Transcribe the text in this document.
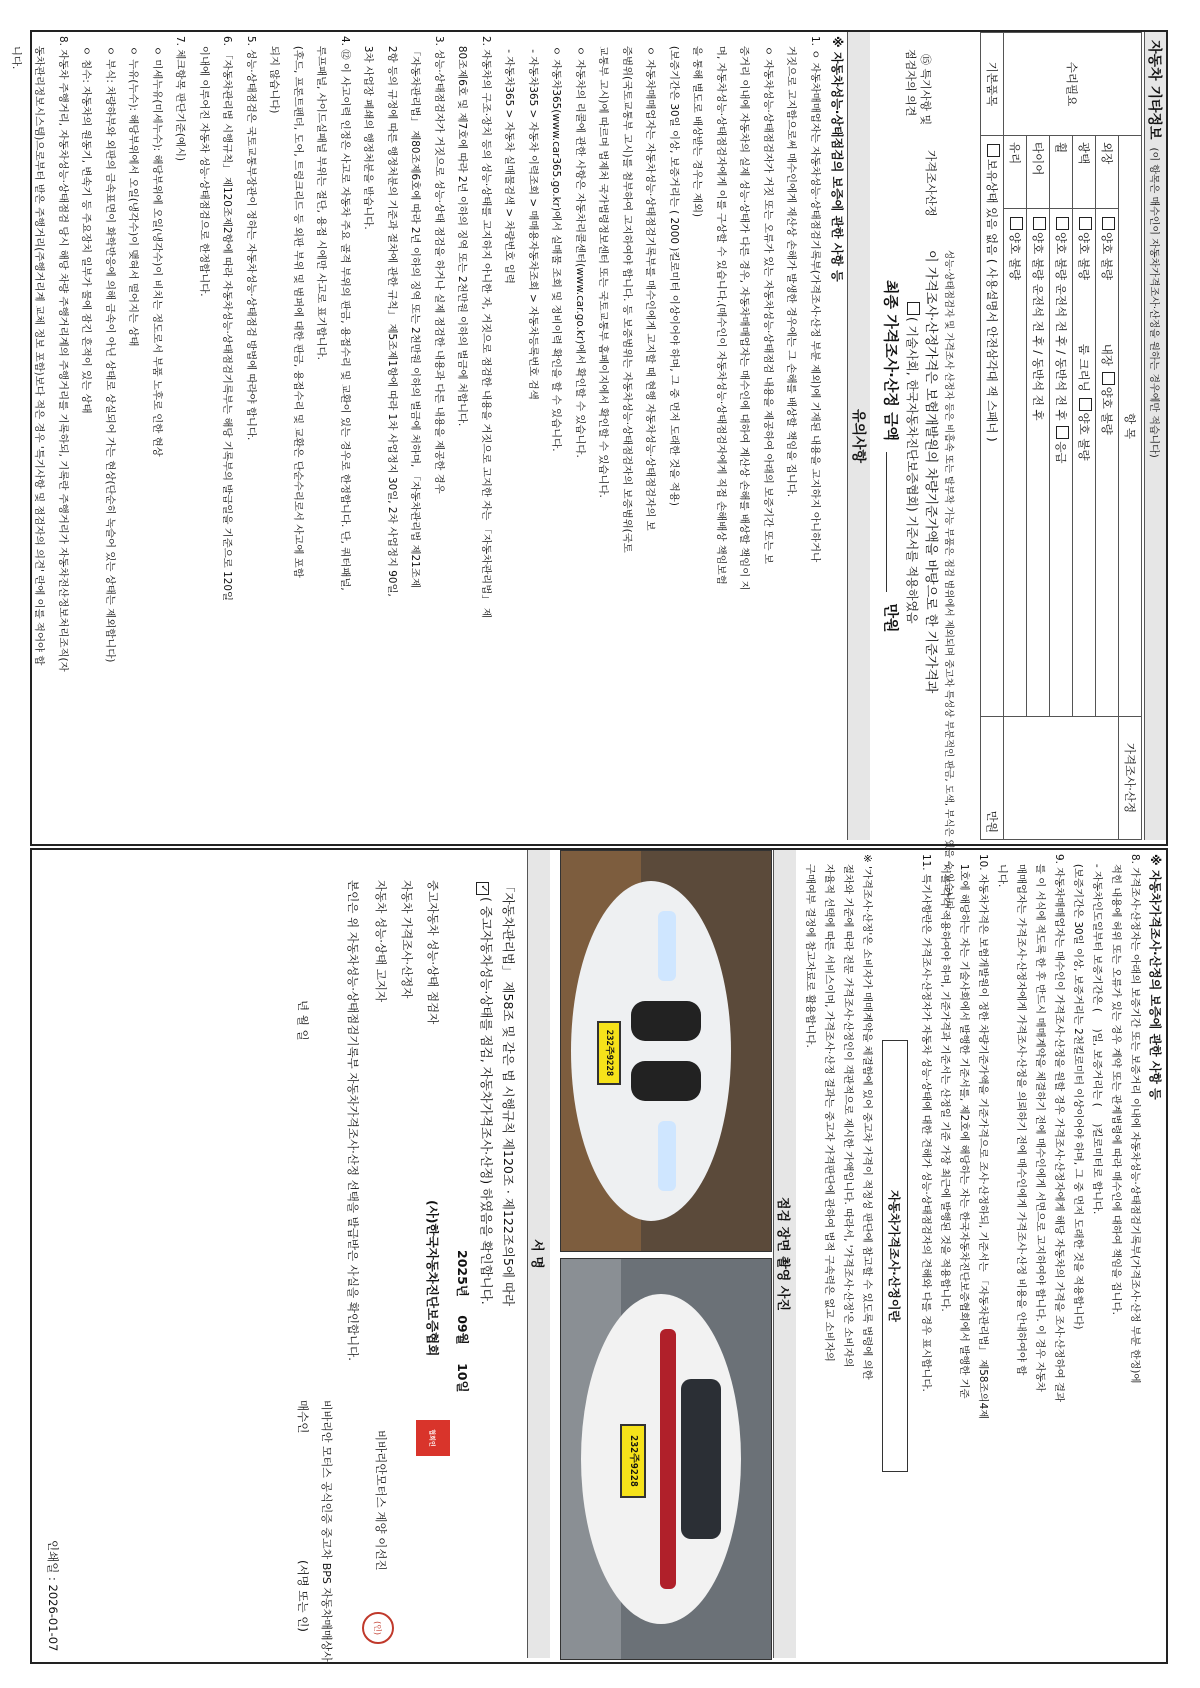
자동차 기타정보
(이 항목은 매수인이 자동차가격조사·산정을 원하는 경우에만 적습니다)
수리필요	항 목		가격조사·산정
	외장	양호 불량 내장 양호 불량	
	광택	양호 불량 룸 크리닝 양호 불량	
	휠	양호 불량 운전석 전 후 / 동반석 전 후 응급	
	타이어	양호 불량 운전석 전 후 / 동반석 전 후	
	유리	양호 불량	
기본품목	보유상태 있음 없음 ( 사용설명서 안전삼각대 잭 스패너 )		만원

⑮ 특기사항 및
점검자의 의견

가격조사산정
성능·상태점검자 및 가격조사 산정자 등은 비흡속 또는 탈부착 가능 부품은 점검 범위에서 제외되며 중고차 특성상 부분적인 판금, 도색, 부식은 있을 수 있습니다.
이 가격조사·산정가격은 보험개발원의 차량기준가액을 바탕으로 한 기준가격과
( 기술사회, 한국자동차진단보증협회) 기준서를 적용하였음
최종 가격조사·산정 금액  만원
유의사항
※ 자동차성능·상태점검의 보증에 관한 사항 등
1. ㅇ 자동차매매업자는 자동차성능·상태점검기록부(가격조사·산정 부분 제외)에 기재된 내용을 고지하지 아니하거나
거짓으로 고지함으로써 매수인에게 재산상 손해가 발생한 경우에는 그 손해를 배상할 책임을 집니다.
ㅇ 자동차성능·상태점검자가 거짓 또는 오류가 있는 자동차성능·상태점검 내용을 제공하여 아래의 보증기간 또는 보
증거리 이내에 자동차의 실제 성능·상태가 다른 경우, 자동차매매업자는 매수인에 대하여 계산상 손해를 배상할 책임이 지
며, 자동차성능·상태점검자에게 이를 구상할 수 있습니다.(매수인이 자동차성능·상태점검자에게 직접 손해배상 책임보험
을 통해 별도로 배상받는 경우는 제외)
(보증기간은 30일 이상, 보증거리는 ( 2000 )킬로미터 이상이어야 하며, 그 중 먼저 도래한 것을 적용)
ㅇ 자동차매매업자는 자동차성능·상태점검기록부를 매수인에게 고지할 때 현행 자동차성능·상태점검자의 보
증범위(국토교통부 고시)를 첨부하여 고지하여야 합니다. 등 보증범위는 자동차성능·상태점검자의 보증범위(국토
교통부 고시)에 따르며 법제처 국가법령정보센터 또는 국토교통부 홈페이지에서 확인할 수 있습니다.
ㅇ 자동차의 리콜에 관한 사항은 자동차리콜센터(www.car.go.kr)에서 확인할 수 있습니다.
ㅇ 자동차365(www.car365.go.kr)에서 실매물 조회 및 정비이력 확인을 할 수 있습니다.
- 자동차365 > 자동차 이력조회 > 매매용자동차조회 > 자동차등록번호 검색
- 자동차365 > 자동차 실매물검색 > 차량번호 입력
2. 자동차의 구조·장치 등의 성능·상태를 고지하지 아니한 자, 거짓으로 점검한 내용을 거짓으로 고지한 자는 「자동차관리법」 제
80조제6호 및 제7호에 따라 2년 이하의 징역 또는 2천만원 이하의 벌금에 처합니다.
3. 성능·상태점검자가 거짓으로 성능·상태 점검을 하거나 실제 점검한 내용과 다른 내용을 제공한 경우
「자동차관리법」 제80조제6호에 따라 2년 이하의 징역 또는 2천만원 이하의 벌금에 처하며, 「자동차관리법 제21조제
2항 등의 규정에 따른 행정처분의 기준과 절차에 관한 규칙」 제5조제1항에 따라 1차 사업정지 30일, 2차 사업정지 90일,
3차 사업장 폐쇄의 행정처분을 받습니다.
4. ⑫ 이 사고이력 인정은 사고로 자동차 주요 골격 부위의 판금, 용접수리 및 교환이 있는 경우로 한정합니다. 단, 쿼터패널,
루프패널, 사이드실패널 부위는 절단, 용접 시에만 사고로 표기합니다.
(후드, 프론트펜더, 도어, 트렁크리드 등 외판 부위 및 범퍼에 대한 판금, 용접수리 및 교환은 단순수리로서 사고에 포함
되지 않습니다)
5. 성능·상태점검은 국토교통부장관이 정하는 자동차성능·상태점검 방법에 따라야 합니다.
6. 「자동차관리법 시행규칙」 제120조제2항에 따라 자동차성능·상태점검기록부는 해당 기록부의 발급일을 기준으로 120일
이내에 이루어진 자동차 성능·상태점검으로 한정합니다.
7. 체크항목 판단기준(예시)
ㅇ 미세누유(미세누수): 해당부위에 오일(냉각수)이 비치는 정도로서 부품 노후로 인한 현상
ㅇ 누유(누수): 해당부위에서 오일(냉각수)이 맺혀서 떨어지는 상태
ㅇ 부식: 차량하부와 외판의 금속표면이 화학반응에 의해 금속이 아닌 상태로 상실되어 가는 현상(단순히 녹슬어 있는 상태는 제외합니다)
ㅇ 침수: 자동차의 원동기, 변속기 등 주요장치 일부가 물에 잠긴 흔적이 있는 상태
8. 자동차 주행거리, 자동차성능·상태점검 당시 해당 차량 주행거리계의 주행거리를 기록하되, 기록란 주행거리가 자동차전산정보처리조직(자
동차관리정보시스템)으로부터 받은 주행거리(주행거리계 교체 정보 포함)보다 적은 경우 '특기사항 및 점검자의 의견' 란에 이를 적어야 합
니다.
※ 자동차가격조사·산정의 보증에 관한 사항 등
8. 가격조사·산정자는 아래의 보증기간 또는 보증거리 이내에 자동차성능·상태점검기록부(가격조사·산정 부분 한정)에
적힌 내용에 허위 또는 오류가 있는 경우 계약 또는 관계법령에 따라 매수인에 대하여 책임을 집니다.
- 자동차인도일부터 보증기간은 (     )일, 보증거리는 (     )킬로미터로 합니다.
(보증기간은 30일 이상, 보증거리는 2천킬로미터 이상이어야 하며, 그 중 먼저 도래한 것을 적용합니다)
9. 자동차매매업자는 매수인이 가격조사·산정을 원할 경우 가격조사·산정자에게 해당 자동차의 가격을 조사·산정하여 결과
를 이 서식에 적도록 한 후 반드시 매매계약을 체결하기 전에 매수인에게 서면으로 고지하여야 합니다. 이 경우 자동차
매매업자는 가격조사·산정자에게 가격조사·산정을 의뢰하기 전에 매수인에게 가격조사·산정 비용을 안내하여야 합
니다.
10. 자동차가격은 보험개발원이 정한 차량기준가액을 기준가격으로 조사·산정하되, 기준서는 「자동차관리법」 제58조의4제
1호에 해당하는 자는 기술사회에서 발행한 기준서를, 제2호에 해당하는 자는 한국자동차진단보증협회에서 발행한 기준
서를 각각 적용하여야 하며, 기준가격과 기준서는 산정일 기준 가장 최근에 발행된 것을 적용합니다.
11. 특기사항란은 가격조사·산정자가 자동차 성능·상태에 대한 견해가 성능·상태점검자의 견해와 다를 경우 표시합니다.
자동차가격조사·산정이란
※ '가격조사·산정'은 소비자가 매매계약을 체결함에 있어 중고차 가격이 적정성 판단에 참고할 수 있도록 법령에 의한
절차와 기준에 따라 전문 가격조사·산정인이 객관적으로 제시한 가액입니다. 따라서, '가격조사·산정'은 소비자의
자율적 선택에 따른 서비스이며, 가격조사·산정 결과는 중고자 가격판단에 관하여 법적 구속력은 없고 소비자의
구매여부 결정에 참고자료로 활용합니다.
점검 장면 촬영 사진
232주9228
232주9228
서 명
「자동차관리법」 제58조 및 같은 법 시행규칙 제120조 · 제122조의5에 따라
✓( 중고자동차성능·상태를 점검, 자동차가격조사·산정) 하였음을 확인합니다.
2025년 09월 10일
중고자동차 성능·상태 점검자
(사)한국자동차진단보증협회
협회인
자동차 가격조사·산정자
자동차 성능·상태 고지자
비바리안모터스 계양 이선진
(인)
본인은 위 자동차성능·상태점검기록부 자동차가격조사·산정 선택을 발급받은 사실을 확인합니다.
비바리안 모터스 공식인증 중고차 BPS 자동차매매상사
년 월 일
매수인
(서명 또는 인)
인쇄일 : 2026-01-07
